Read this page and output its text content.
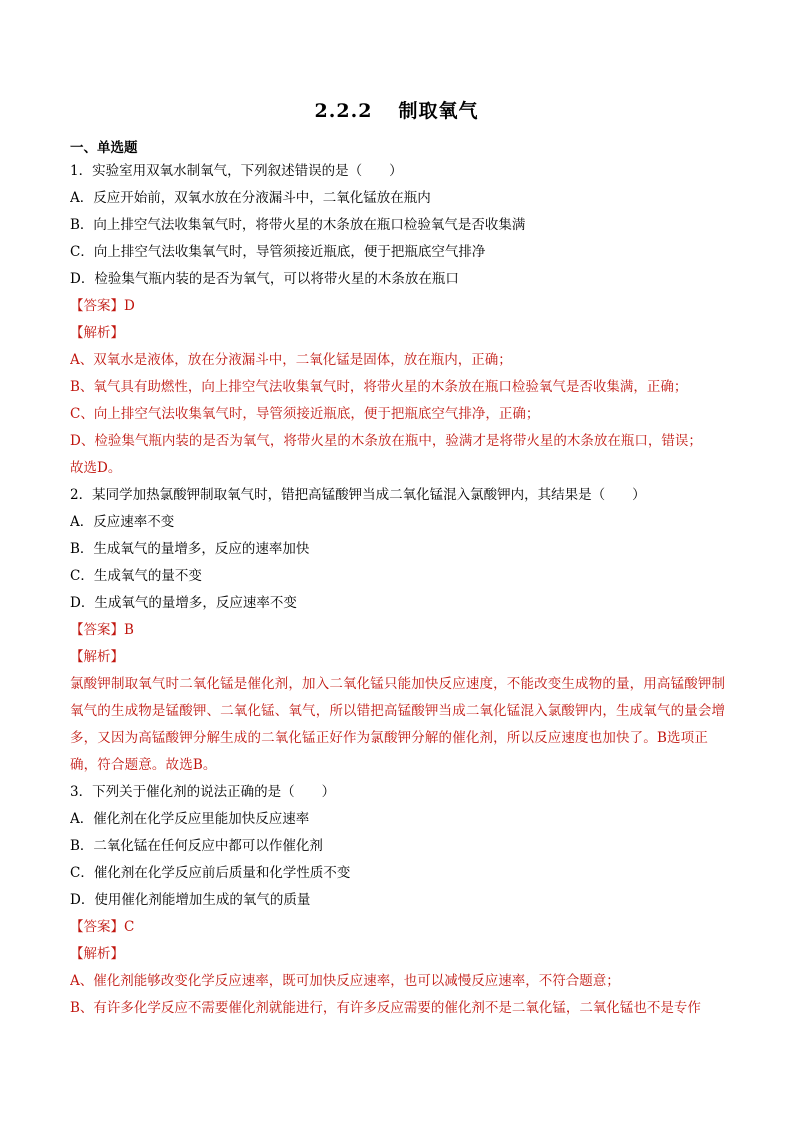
2.2.2 制取氧气
一、单选题
1．实验室用双氧水制氧气，下列叙述错误的是（　　）
A．反应开始前，双氧水放在分液漏斗中，二氧化锰放在瓶内
B．向上排空气法收集氧气时，将带火星的木条放在瓶口检验氧气是否收集满
C．向上排空气法收集氧气时，导管须接近瓶底，便于把瓶底空气排净
D．检验集气瓶内装的是否为氧气，可以将带火星的木条放在瓶口
【答案】D
【解析】
A、双氧水是液体，放在分液漏斗中，二氧化锰是固体，放在瓶内，正确；
B、氧气具有助燃性，向上排空气法收集氧气时，将带火星的木条放在瓶口检验氧气是否收集满，正确；
C、向上排空气法收集氧气时，导管须接近瓶底，便于把瓶底空气排净，正确；
D、检验集气瓶内装的是否为氧气，将带火星的木条放在瓶中，验满才是将带火星的木条放在瓶口，错误；
故选D。
2．某同学加热氯酸钾制取氧气时，错把高锰酸钾当成二氧化锰混入氯酸钾内，其结果是（　　）
A．反应速率不变
B．生成氧气的量增多，反应的速率加快
C．生成氧气的量不变
D．生成氧气的量增多，反应速率不变
【答案】B
【解析】
氯酸钾制取氧气时二氧化锰是催化剂，加入二氧化锰只能加快反应速度，不能改变生成物的量，用高锰酸钾制氧气的生成物是锰酸钾、二氧化锰、氧气，所以错把高锰酸钾当成二氧化锰混入氯酸钾内，生成氧气的量会增多，又因为高锰酸钾分解生成的二氧化锰正好作为氯酸钾分解的催化剂，所以反应速度也加快了。B选项正确，符合题意。故选B。
3．下列关于催化剂的说法正确的是（　　）
A．催化剂在化学反应里能加快反应速率
B．二氧化锰在任何反应中都可以作催化剂
C．催化剂在化学反应前后质量和化学性质不变
D．使用催化剂能增加生成的氧气的质量
【答案】C
【解析】
A、催化剂能够改变化学反应速率，既可加快反应速率，也可以减慢反应速率，不符合题意；
B、有许多化学反应不需要催化剂就能进行，有许多反应需要的催化剂不是二氧化锰，二氧化锰也不是专作
